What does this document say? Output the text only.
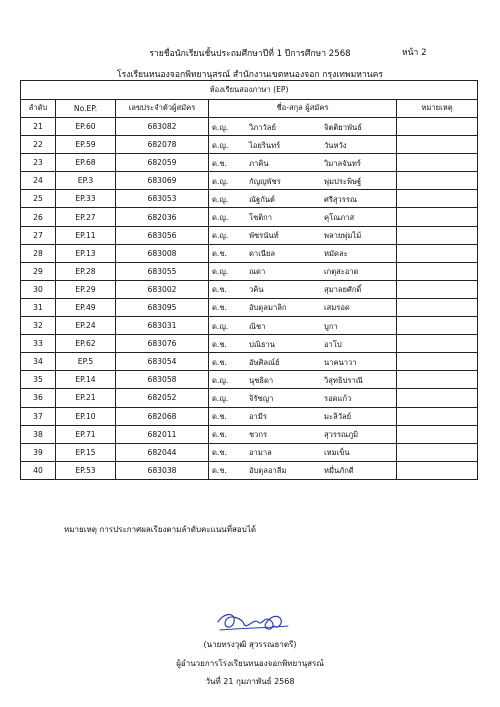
รายชื่อนักเรียนชั้นประถมศึกษาปีที่ 1 ปีการศึกษา 2568	หน้า 2
โรงเรียนหนองจอกพิทยานุสรณ์ สำนักงานเขตหนองจอก กรุงเทพมหานคร
ห้องเรียนสองภาษา (EP)				
ลำดับ	No.EP.	เลขประจำตัวผู้สมัคร	ชื่อ-สกุล ผู้สมัคร	หมายเหตุ
21	EP.60	683082	ด.ญ. วิภาวัลย์ จิตติยาพันธ์	

22	EP.59	682078	ด.ญ. ไอยรินทร์ วันหวัง	

23	EP.68	682059	ด.ช. ภาคิน วิมาลจันทร์	

24	EP.3	683069	ด.ญ. กัญญพัชร พุ่มประพิษฐ์	

25	EP.33	683053	ด.ญ. ณัฐกันต์ ศรีสุวรรณ	

26	EP.27	682036	ด.ญ. โชติกา คุโณภาส	

27	EP.11	683056	ด.ญ. พัชรนันท์ พลายพุ่มไม้	

28	EP.13	683008	ด.ช. ดาเนียล หมัดละ	

29	EP.28	683055	ด.ญ. ณดา เกตุสะอาด	

30	EP.29	683002	ด.ช. วคิน สุมาลยศักดิ์	

31	EP.49	683095	ด.ช. อับดุลมาลิก เสมรอด	

32	EP.24	683031	ด.ญ. ณิชา บูกา	

33	EP.62	683076	ด.ช. ปณิธาน อาโป	

34	EP.5	683054	ด.ช. อัษศิลณ์ย์ นาคนาวา	

35	EP.14	683058	ด.ญ. นุชธิดา วิสุทธิปราณี	

36	EP.21	682052	ด.ญ. จิรัชญา รอดแก้ว	

37	EP.10	682068	ด.ช. อามีร มะลิวัลย์	

38	EP.71	682011	ด.ช. ชวกร สุวรรณภูมิ	

39	EP.15	682044	ด.ช. อามาล เหมเข็น	

40	EP.53	683038	ด.ช. อับดุลอาลีม หมื่นภักดี	

หมายเหตุ การประกาศผลเรียงตามลำดับคะแนนที่สอบได้
(นายทรงวุฒิ สุวรรณธาตรี)
ผู้อำนวยการโรงเรียนหนองจอกพิทยานุสรณ์
วันที่ 21 กุมภาพันธ์ 2568
